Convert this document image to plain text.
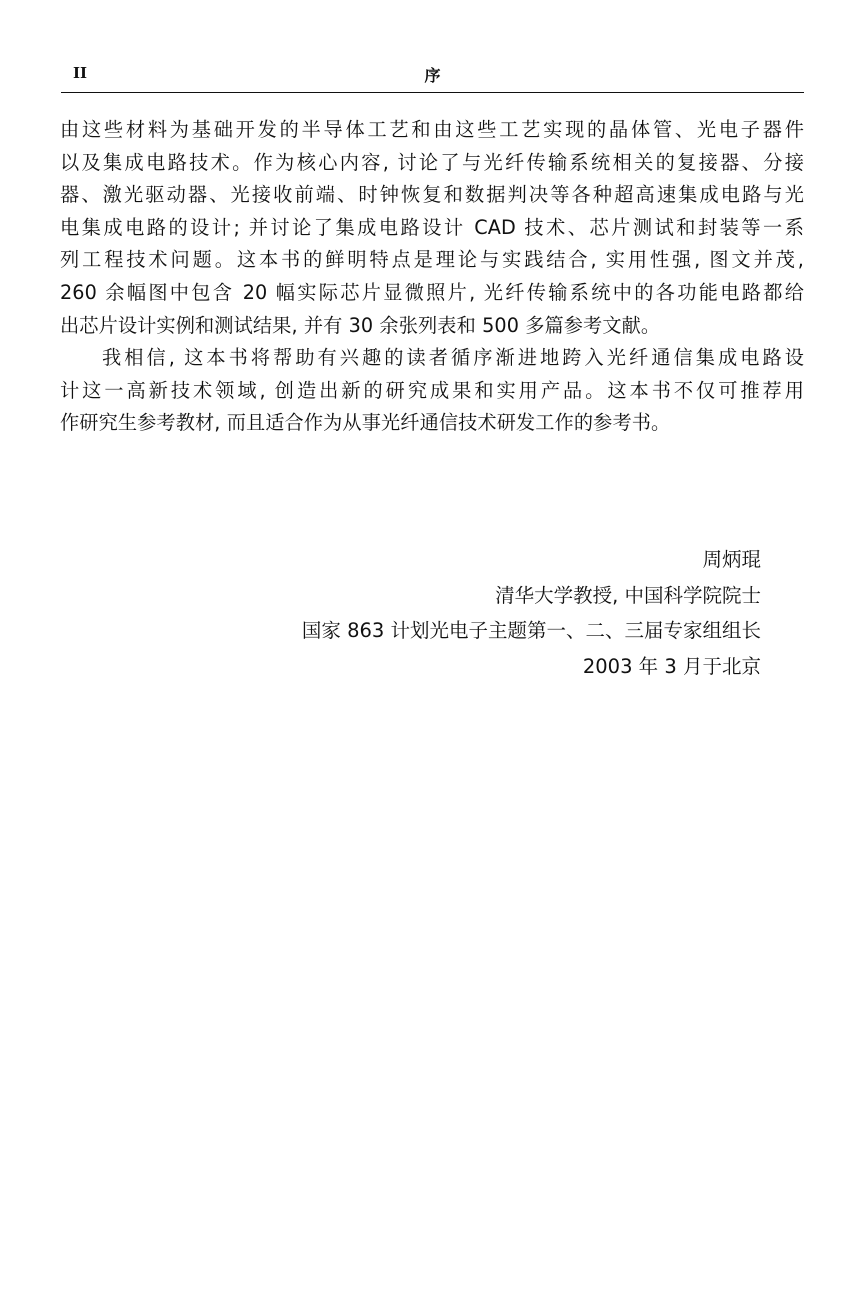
II	序
由这些材料为基础开发的半导体工艺和由这些工艺实现的晶体管、光电子器件
以及集成电路技术。作为核心内容, 讨论了与光纤传输系统相关的复接器、分接
器、激光驱动器、光接收前端、时钟恢复和数据判决等各种超高速集成电路与光
电集成电路的设计; 并讨论了集成电路设计 CAD 技术、芯片测试和封装等一系
列工程技术问题。这本书的鲜明特点是理论与实践结合, 实用性强, 图文并茂,
260 余幅图中包含 20 幅实际芯片显微照片, 光纤传输系统中的各功能电路都给
出芯片设计实例和测试结果, 并有 30 余张列表和 500 多篇参考文献。
我相信, 这本书将帮助有兴趣的读者循序渐进地跨入光纤通信集成电路设
计这一高新技术领域, 创造出新的研究成果和实用产品。这本书不仅可推荐用
作研究生参考教材, 而且适合作为从事光纤通信技术研发工作的参考书。
周炳琨
清华大学教授, 中国科学院院士
国家 863 计划光电子主题第一、二、三届专家组组长
2003 年 3 月于北京
